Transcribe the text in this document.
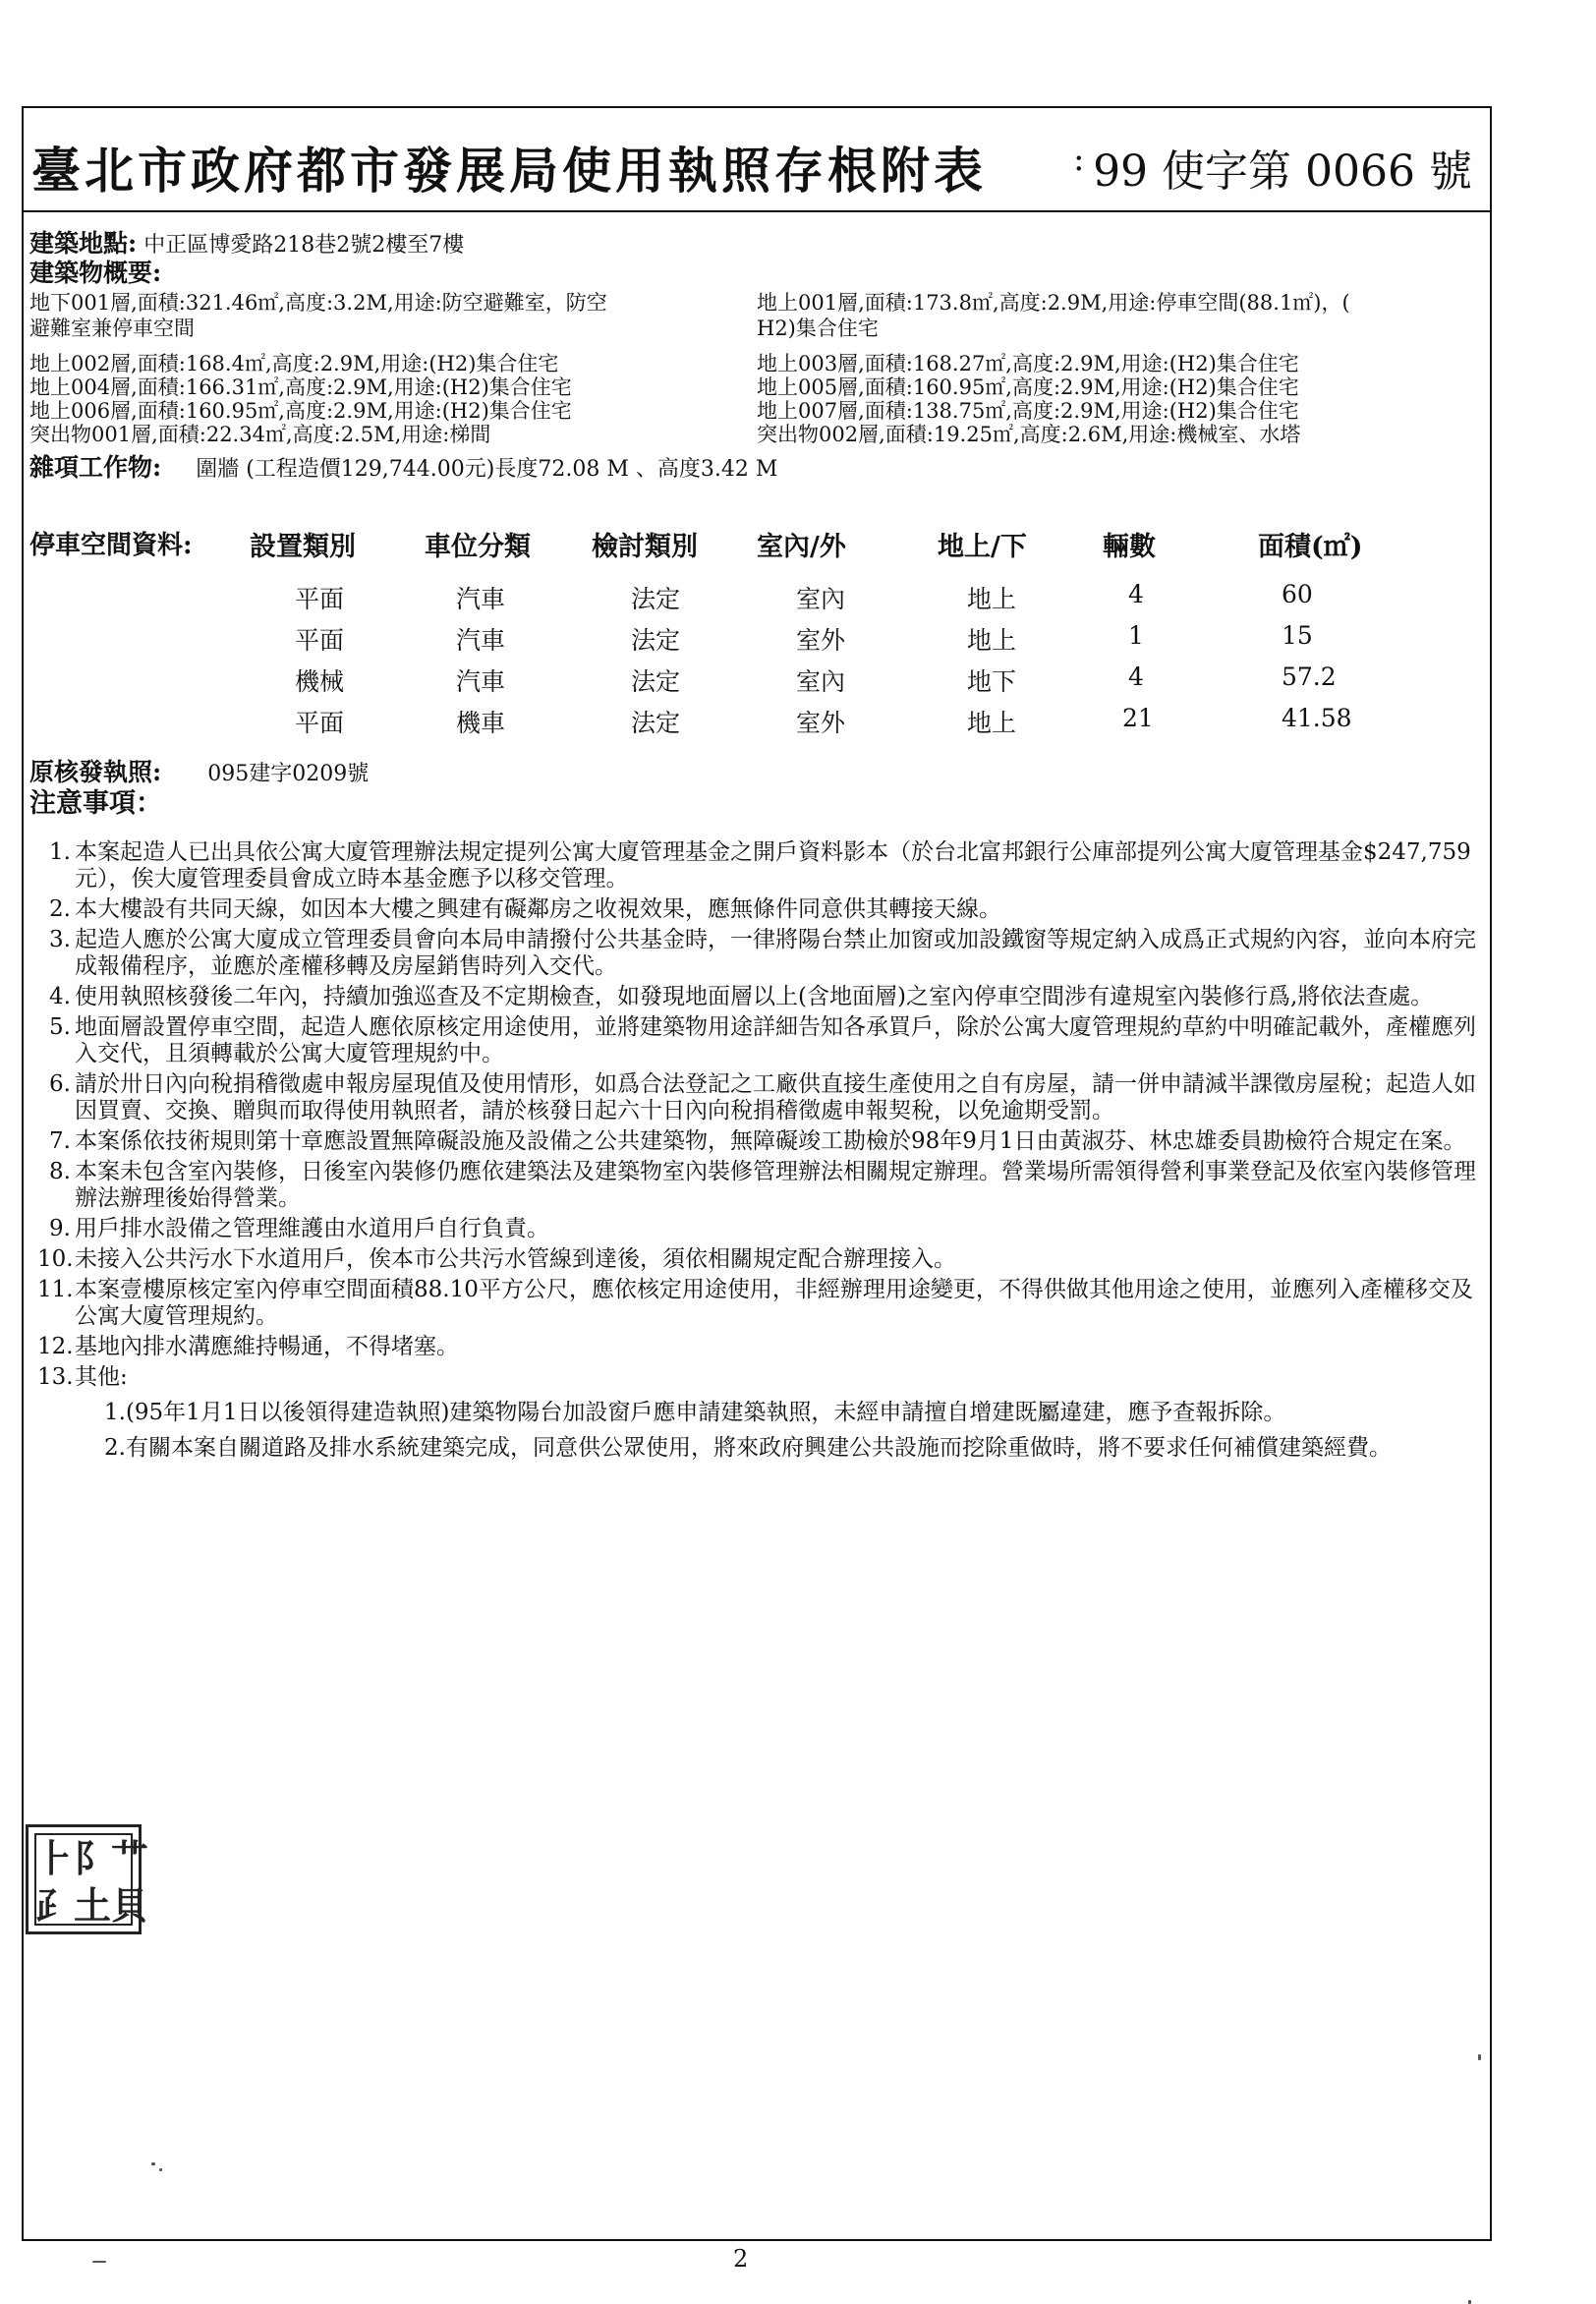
臺北市政府都市發展局使用執照存根附表	: 99 使字第 0066 號
建築地點: 中正區博愛路218巷2號2樓至7樓
建築物概要:
地下001層,面積:321.46㎡,高度:3.2M,用途:防空避難室，防空
避難室兼停車空間
地上001層,面積:173.8㎡,高度:2.9M,用途:停車空間(88.1㎡)，(
H2)集合住宅
地上002層,面積:168.4㎡,高度:2.9M,用途:(H2)集合住宅	地上003層,面積:168.27㎡,高度:2.9M,用途:(H2)集合住宅
地上004層,面積:166.31㎡,高度:2.9M,用途:(H2)集合住宅	地上005層,面積:160.95㎡,高度:2.9M,用途:(H2)集合住宅
地上006層,面積:160.95㎡,高度:2.9M,用途:(H2)集合住宅	地上007層,面積:138.75㎡,高度:2.9M,用途:(H2)集合住宅
突出物001層,面積:22.34㎡,高度:2.5M,用途:梯間	突出物002層,面積:19.25㎡,高度:2.6M,用途:機械室、水塔
雜項工作物: 圍牆 (工程造價129,744.00元)長度72.08 M 、高度3.42 M
停車空間資料: 設置類別	車位分類 檢討類別 室內/外	地上/下	輛數	面積(㎡)
平面	汽車	法定	室內	地上	4	60
平面	汽車	法定	室外	地上	1	15
機械	汽車	法定	室內	地下	4	57.2
平面	機車	法定	室外	地上	21	41.58
原核發執照: 095建字0209號
注意事項：
1. 本案起造人已出具依公寓大廈管理辦法規定提列公寓大廈管理基金之開戶資料影本（於台北富邦銀行公庫部提列公寓大廈管理基金$247,759元），俟大廈管理委員會成立時本基金應予以移交管理。
2. 本大樓設有共同天線，如因本大樓之興建有礙鄰房之收視效果，應無條件同意供其轉接天線。
3. 起造人應於公寓大廈成立管理委員會向本局申請撥付公共基金時，一律將陽台禁止加窗或加設鐵窗等規定納入成爲正式規約內容，並向本府完成報備程序，並應於產權移轉及房屋銷售時列入交代。
4. 使用執照核發後二年內，持續加強巡查及不定期檢查，如發現地面層以上(含地面層)之室內停車空間涉有違規室內裝修行爲,將依法查處。
5. 地面層設置停車空間，起造人應依原核定用途使用，並將建築物用途詳細告知各承買戶，除於公寓大廈管理規約草約中明確記載外，產權應列入交代，且須轉載於公寓大廈管理規約中。
6. 請於卅日內向稅捐稽徵處申報房屋現值及使用情形，如爲合法登記之工廠供直接生產使用之自有房屋，請一併申請減半課徵房屋稅；起造人如因買賣、交換、贈與而取得使用執照者，請於核發日起六十日內向稅捐稽徵處申報契稅，以免逾期受罰。
7. 本案係依技術規則第十章應設置無障礙設施及設備之公共建築物，無障礙竣工勘檢於98年9月1日由黃淑芬、林忠雄委員勘檢符合規定在案。
8. 本案未包含室內裝修，日後室內裝修仍應依建築法及建築物室內裝修管理辦法相關規定辦理。營業場所需領得營利事業登記及依室內裝修管理辦法辦理後始得營業。
9. 用戶排水設備之管理維護由水道用戶自行負責。
10. 未接入公共污水下水道用戶，俟本市公共污水管線到達後，須依相關規定配合辦理接入。
11. 本案壹樓原核定室內停車空間面積88.10平方公尺，應依核定用途使用，非經辦理用途變更，不得供做其他用途之使用，並應列入產權移交及公寓大廈管理規約。
12. 基地內排水溝應維持暢通，不得堵塞。
13. 其他:
1.(95年1月1日以後領得建造執照)建築物陽台加設窗戶應申請建築執照，未經申請擅自增建既屬違建，應予查報拆除。
2.有關本案自關道路及排水系統建築完成，同意供公眾使用，將來政府興建公共設施而挖除重做時，將不要求任何補償建築經費。
⺊ ⻖ ⺾
⺪ ⼟ ⾙
2
